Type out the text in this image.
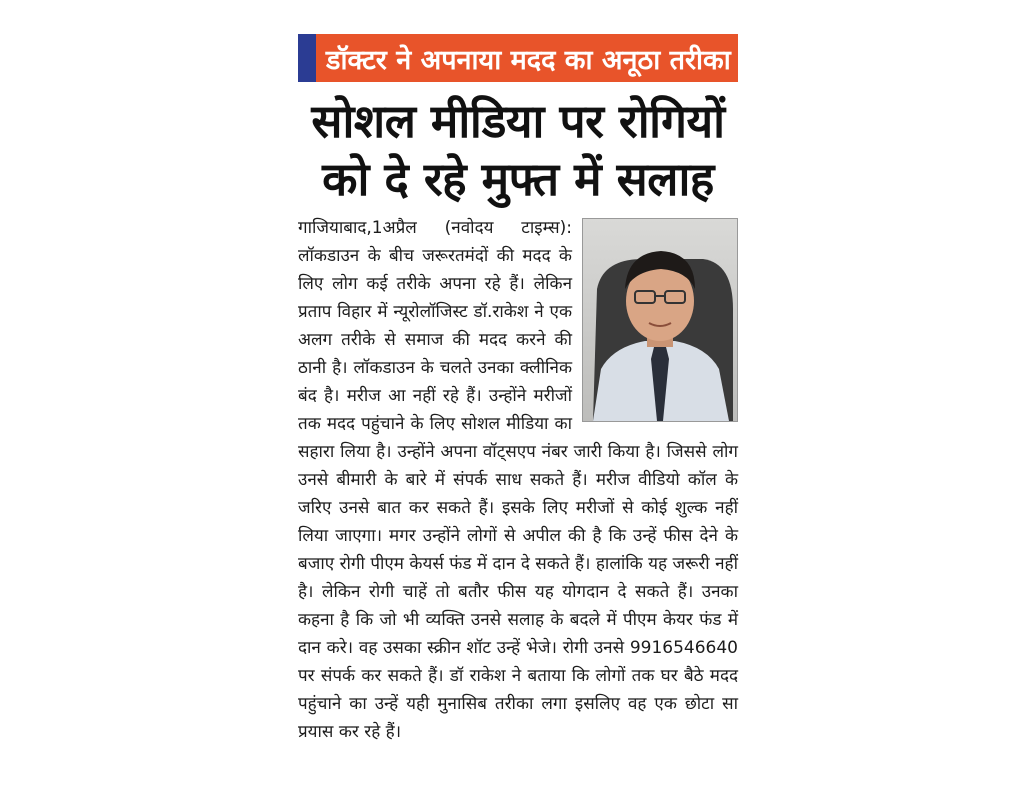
डॉक्टर ने अपनाया मदद का अनूठा तरीका
सोशल मीडिया पर रोगियों
को दे रहे मुफ्त में सलाह

गाजियाबाद,1अप्रैल (नवोदय टाइम्स): लॉकडाउन के बीच जरूरतमंदों की मदद के लिए लोग कई तरीके अपना रहे हैं। लेकिन प्रताप विहार में न्यूरोलॉजिस्ट डॉ.राकेश ने एक अलग तरीके से समाज की मदद करने की ठानी है। लॉकडाउन के चलते उनका क्लीनिक बंद है। मरीज आ नहीं रहे हैं। उन्होंने मरीजों तक मदद पहुंचाने के लिए सोशल मीडिया का सहारा लिया है। उन्होंने अपना वॉट्सएप नंबर जारी किया है। जिससे लोग उनसे बीमारी के बारे में संपर्क साध सकते हैं। मरीज वीडियो कॉल के जरिए उनसे बात कर सकते हैं। इसके लिए मरीजों से कोई शुल्क नहीं लिया जाएगा। मगर उन्होंने लोगों से अपील की है कि उन्हें फीस देने के बजाए रोगी पीएम केयर्स फंड में दान दे सकते हैं। हालांकि यह जरूरी नहीं है। लेकिन रोगी चाहें तो बतौर फीस यह योगदान दे सकते हैं। उनका कहना है कि जो भी व्यक्ति उनसे सलाह के बदले में पीएम केयर फंड में दान करे। वह उसका स्क्रीन शॉट उन्हें भेजे। रोगी उनसे 9916546640 पर संपर्क कर सकते हैं। डॉ राकेश ने बताया कि लोगों तक घर बैठे मदद पहुंचाने का उन्हें यही मुनासिब तरीका लगा इसलिए वह एक छोटा सा प्रयास कर रहे हैं।
